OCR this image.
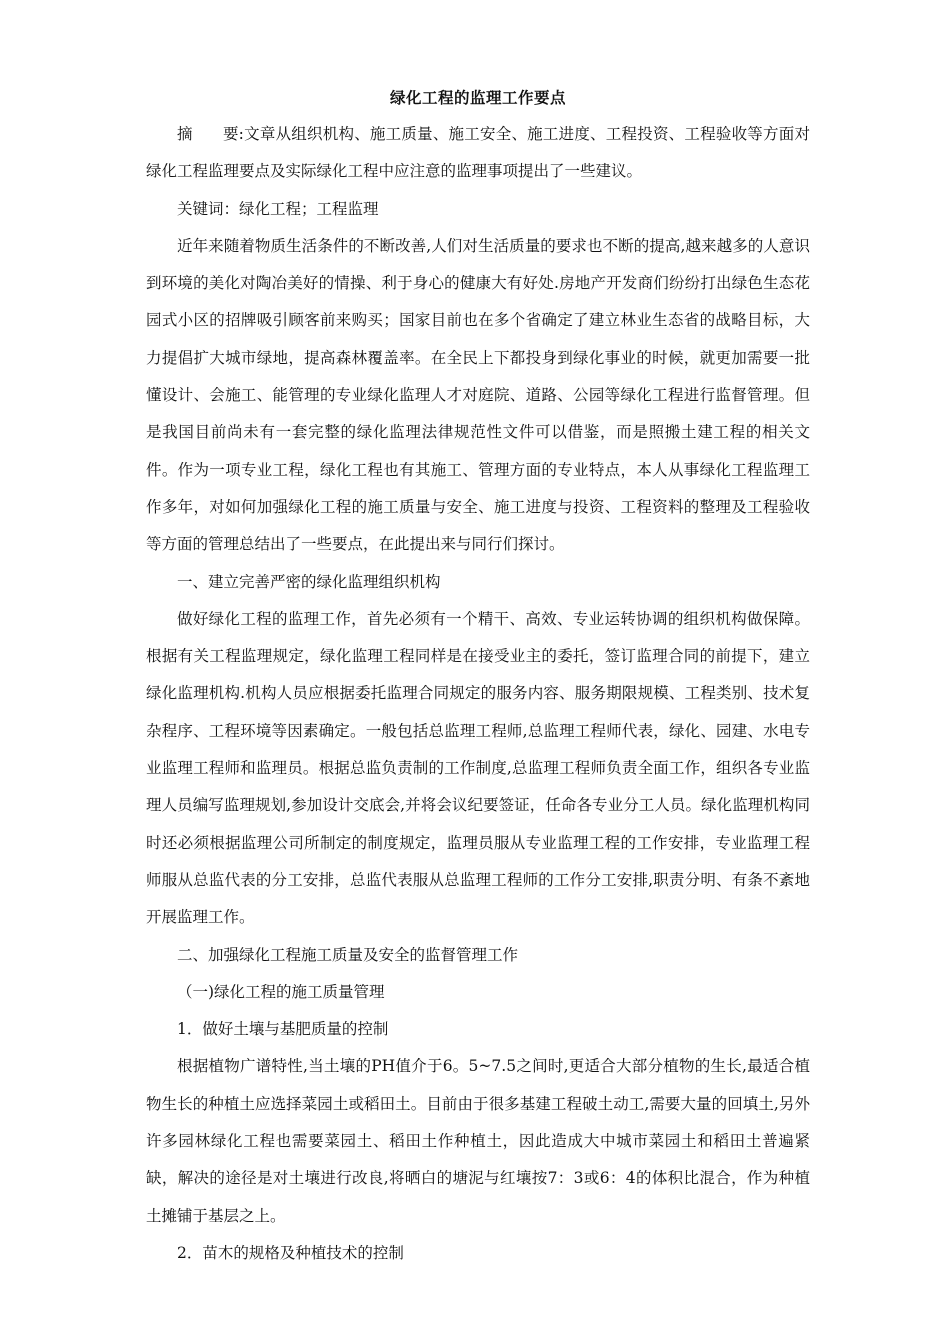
绿化工程的监理工作要点

摘 要:文章从组织机构、施工质量、施工安全、施工进度、工程投资、工程验收等方面对绿化工程监理要点及实际绿化工程中应注意的监理事项提出了一些建议。

关键词：绿化工程；工程监理

近年来随着物质生活条件的不断改善,人们对生活质量的要求也不断的提高,越来越多的人意识到环境的美化对陶冶美好的情操、利于身心的健康大有好处.房地产开发商们纷纷打出绿色生态花园式小区的招牌吸引顾客前来购买；国家目前也在多个省确定了建立林业生态省的战略目标，大力提倡扩大城市绿地，提高森林覆盖率。在全民上下都投身到绿化事业的时候，就更加需要一批懂设计、会施工、能管理的专业绿化监理人才对庭院、道路、公园等绿化工程进行监督管理。但是我国目前尚未有一套完整的绿化监理法律规范性文件可以借鉴，而是照搬土建工程的相关文件。作为一项专业工程，绿化工程也有其施工、管理方面的专业特点，本人从事绿化工程监理工作多年，对如何加强绿化工程的施工质量与安全、施工进度与投资、工程资料的整理及工程验收等方面的管理总结出了一些要点，在此提出来与同行们探讨。

一、建立完善严密的绿化监理组织机构

做好绿化工程的监理工作，首先必须有一个精干、高效、专业运转协调的组织机构做保障。根据有关工程监理规定，绿化监理工程同样是在接受业主的委托，签订监理合同的前提下，建立绿化监理机构.机构人员应根据委托监理合同规定的服务内容、服务期限规模、工程类别、技术复杂程序、工程环境等因素确定。一般包括总监理工程师,总监理工程师代表，绿化、园建、水电专业监理工程师和监理员。根据总监负责制的工作制度,总监理工程师负责全面工作，组织各专业监理人员编写监理规划,参加设计交底会,并将会议纪要签证，任命各专业分工人员。绿化监理机构同时还必须根据监理公司所制定的制度规定，监理员服从专业监理工程的工作安排，专业监理工程师服从总监代表的分工安排，总监代表服从总监理工程师的工作分工安排,职责分明、有条不紊地开展监理工作。

二、加强绿化工程施工质量及安全的监督管理工作

（一)绿化工程的施工质量管理

1．做好土壤与基肥质量的控制

根据植物广谱特性,当土壤的PH值介于6。5~7.5之间时,更适合大部分植物的生长,最适合植物生长的种植土应选择菜园土或稻田土。目前由于很多基建工程破土动工,需要大量的回填土,另外许多园林绿化工程也需要菜园土、稻田土作种植土，因此造成大中城市菜园土和稻田土普遍紧缺，解决的途径是对土壤进行改良,将晒白的塘泥与红壤按7：3或6：4的体积比混合，作为种植土摊铺于基层之上。

2．苗木的规格及种植技术的控制
